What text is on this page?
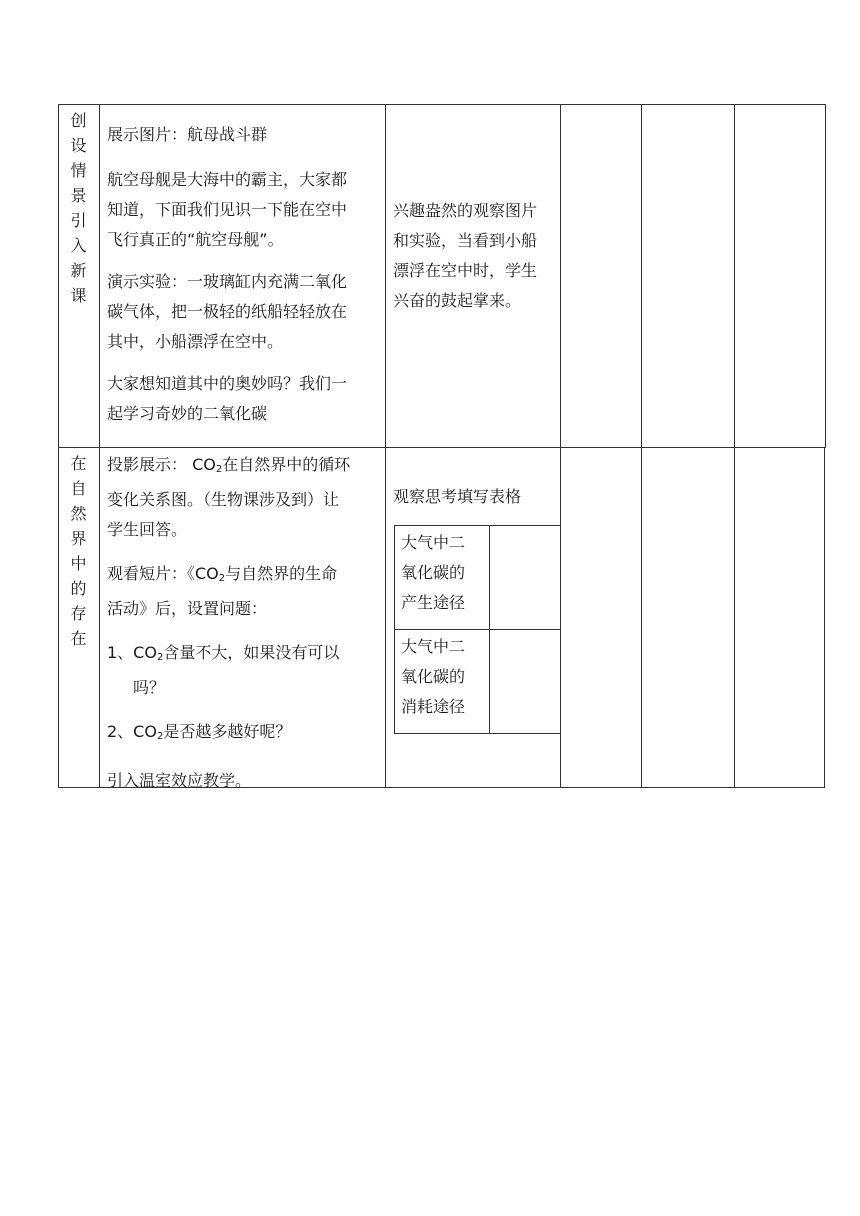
创
设
情
景
引
入
新
课
展示图片：航母战斗群
航空母舰是大海中的霸主，大家都
知道，下面我们见识一下能在空中
飞行真正的“航空母舰”。
演示实验：一玻璃缸内充满二氧化
碳气体，把一极轻的纸船轻轻放在
其中，小船漂浮在空中。
大家想知道其中的奥妙吗？我们一
起学习奇妙的二氧化碳
兴趣盎然的观察图片
和实验，当看到小船
漂浮在空中时，学生
兴奋的鼓起掌来。
在
自
然
界
中
的
存
在
投影展示： $CO_2$在自然界中的循环
变化关系图。（生物课涉及到）让
学生回答。
观看短片：《$CO_2$与自然界的生命
活动》后，设置问题：
1、$CO_2$含量不大，如果没有可以
吗？
2、$CO_2$是否越多越好呢？
引入温室效应教学。
观察思考填写表格
大气中二
氧化碳的
产生途径
大气中二
氧化碳的
消耗途径
